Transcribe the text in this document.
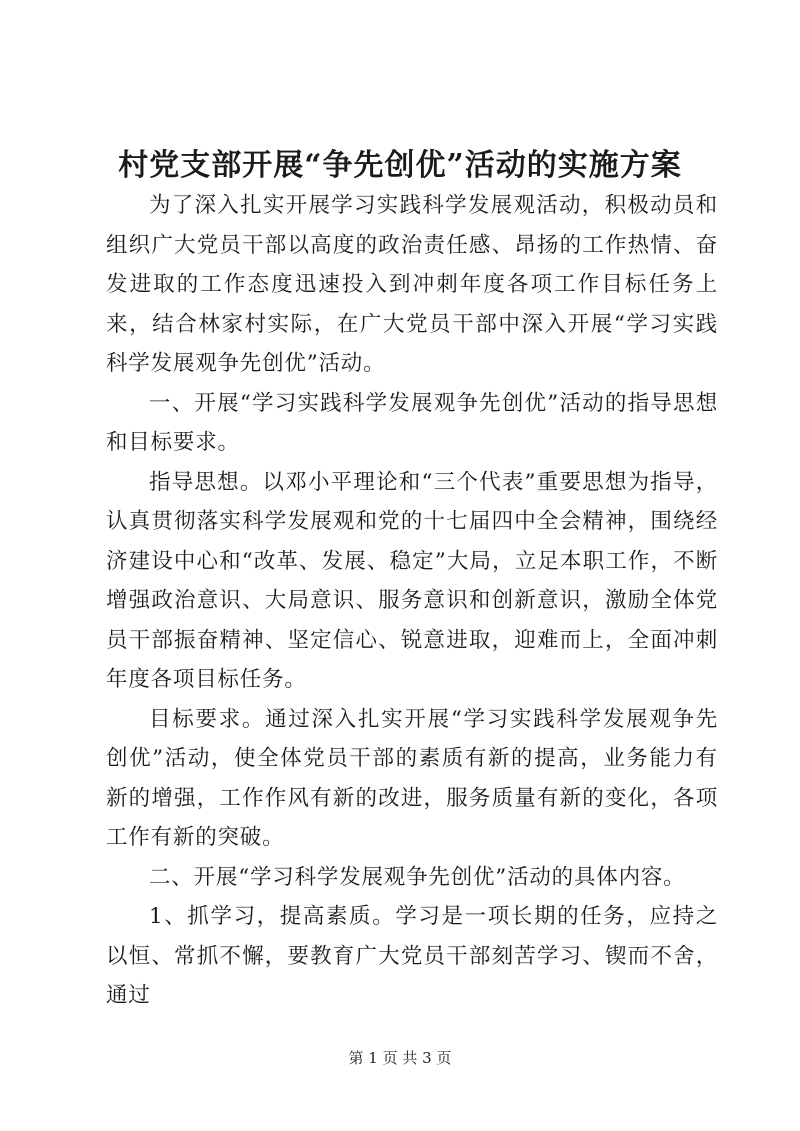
村党支部开展“争先创优”活动的实施方案

为了深入扎实开展学习实践科学发展观活动，积极动员和组织广大党员干部以高度的政治责任感、昂扬的工作热情、奋发进取的工作态度迅速投入到冲刺年度各项工作目标任务上来，结合林家村实际，在广大党员干部中深入开展“学习实践科学发展观争先创优”活动。

一、开展“学习实践科学发展观争先创优”活动的指导思想和目标要求。

指导思想。以邓小平理论和“三个代表”重要思想为指导，认真贯彻落实科学发展观和党的十七届四中全会精神，围绕经济建设中心和“改革、发展、稳定”大局，立足本职工作，不断增强政治意识、大局意识、服务意识和创新意识，激励全体党员干部振奋精神、坚定信心、锐意进取，迎难而上，全面冲刺年度各项目标任务。

目标要求。通过深入扎实开展“学习实践科学发展观争先创优”活动，使全体党员干部的素质有新的提高，业务能力有新的增强，工作作风有新的改进，服务质量有新的变化，各项工作有新的突破。

二、开展“学习科学发展观争先创优”活动的具体内容。

1、抓学习，提高素质。学习是一项长期的任务，应持之以恒、常抓不懈，要教育广大党员干部刻苦学习、锲而不舍，通过

第 1 页 共 3 页
